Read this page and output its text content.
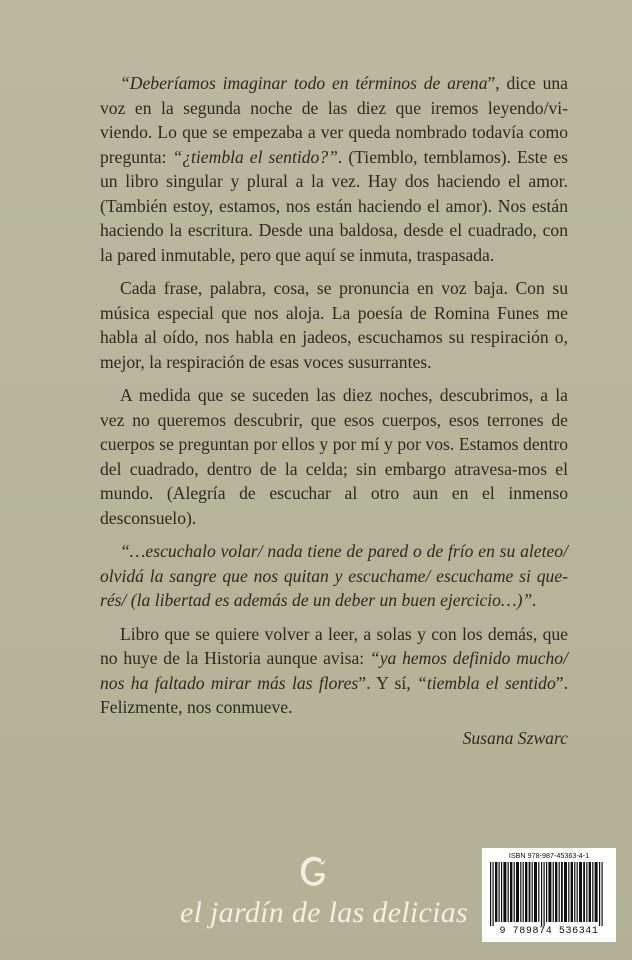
“Deberíamos imaginar todo en términos de arena”, dice una voz en la segunda noche de las diez que iremos leyendo/vi-viendo. Lo que se empezaba a ver queda nombrado todavía como pregunta: “¿tiembla el sentido?”. (Tiemblo, temblamos). Este es un libro singular y plural a la vez. Hay dos haciendo el amor. (También estoy, estamos, nos están haciendo el amor). Nos están haciendo la escritura. Desde una baldosa, desde el cuadrado, con la pared inmutable, pero que aquí se inmuta, traspasada.

Cada frase, palabra, cosa, se pronuncia en voz baja. Con su música especial que nos aloja. La poesía de Romina Funes me habla al oído, nos habla en jadeos, escuchamos su respiración o, mejor, la respiración de esas voces susurrantes.

A medida que se suceden las diez noches, descubrimos, a la vez no queremos descubrir, que esos cuerpos, esos terrones de cuerpos se preguntan por ellos y por mí y por vos. Estamos dentro del cuadrado, dentro de la celda; sin embargo atravesa-mos el mundo. (Alegría de escuchar al otro aun en el inmenso desconsuelo).

“…escuchalo volar/ nada tiene de pared o de frío en su aleteo/ olvidá la sangre que nos quitan y escuchame/ escuchame si que-rés/ (la libertad es además de un deber un buen ejercicio…)”.

Libro que se quiere volver a leer, a solas y con los demás, que no huye de la Historia aunque avisa: “ya hemos definido mucho/ nos ha faltado mirar más las flores”. Y sí, “tiembla el sentido”. Felizmente, nos conmueve.

Susana Szwarc

el jardín de las delicias
ISBN 978-987-45363-4-1
9 789874 536341
